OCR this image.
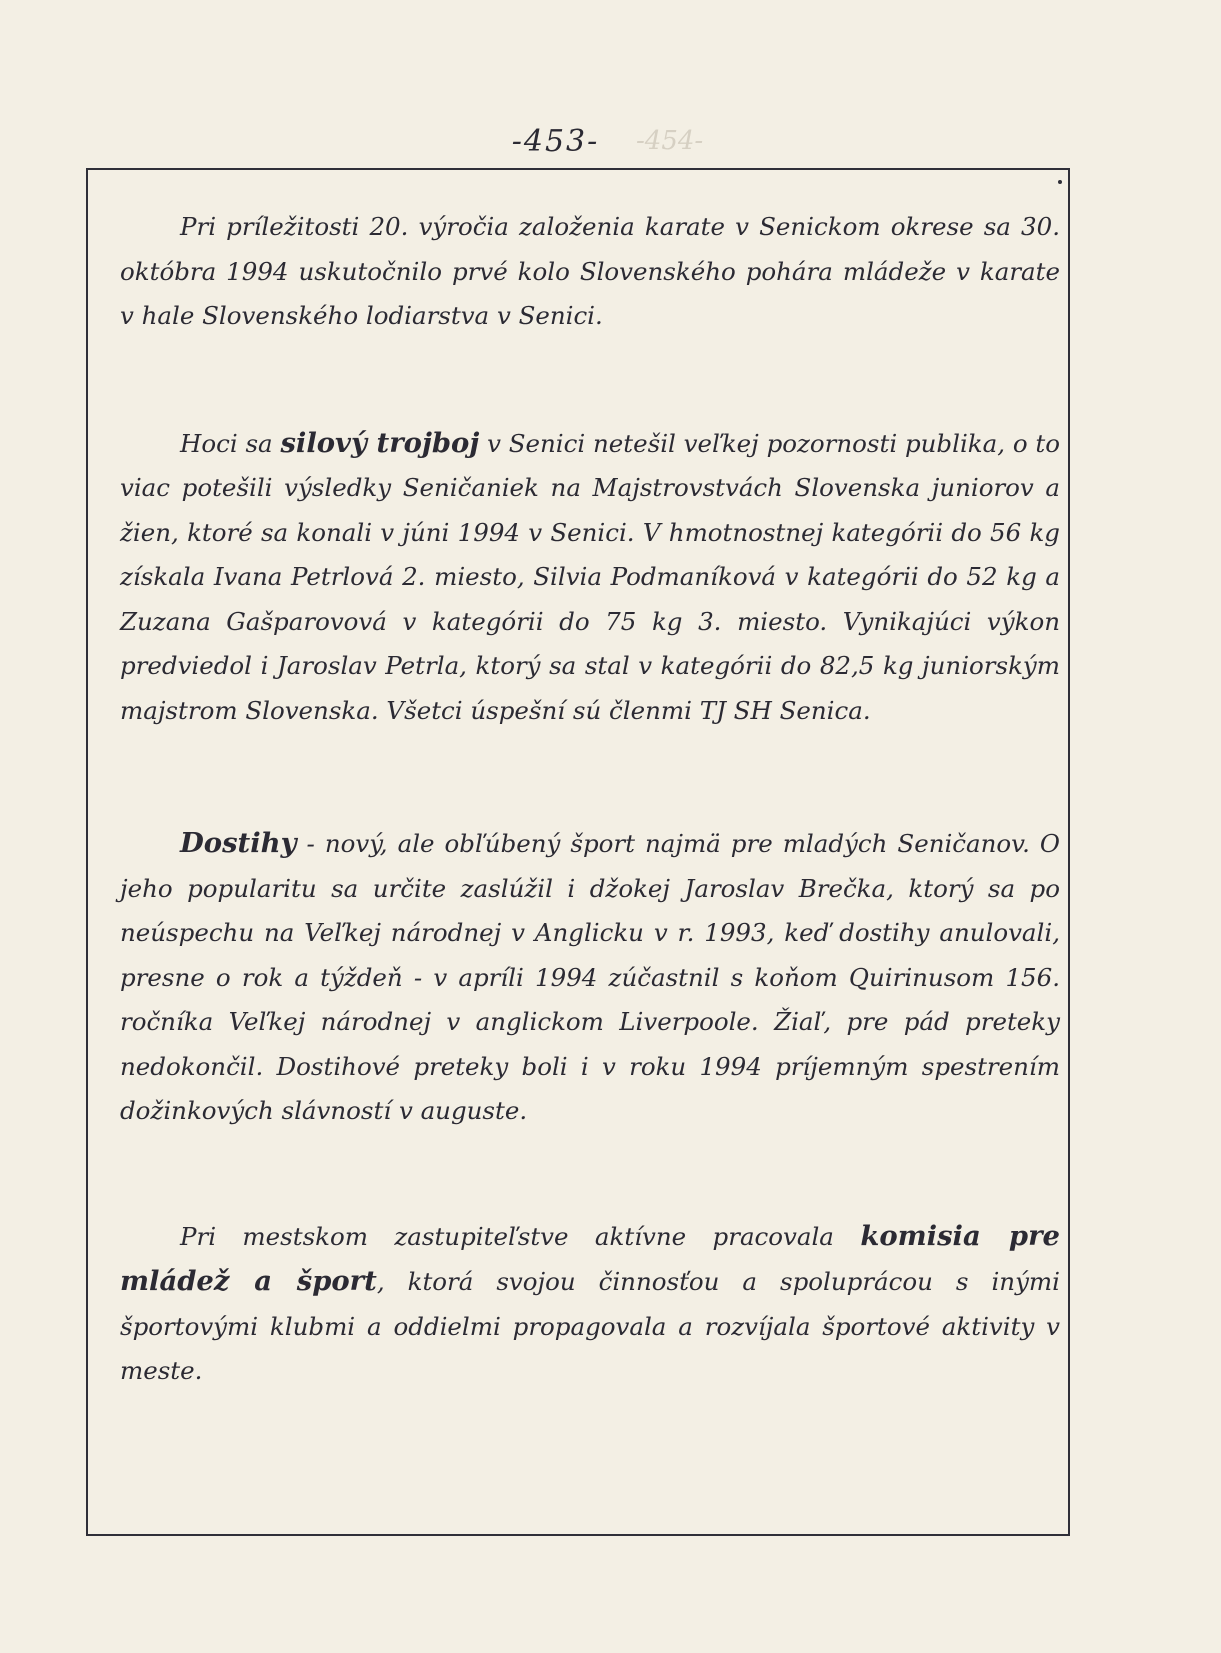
-453-	-454-

Pri príležitosti 20. výročia založenia karate v Senickom okrese sa 30. októbra 1994 uskutočnilo prvé kolo Slovenského pohára mládeže v karate v hale Slovenského lodiarstva v Senici.

Hoci sa silový trojboj v Senici netešil veľkej pozornosti publika, o to viac potešili výsledky Seničaniek na Majstrovstvách Slovenska juniorov a žien, ktoré sa konali v júni 1994 v Senici. V hmotnostnej kategórii do 56 kg získala Ivana Petrlová 2. miesto, Silvia Podmaníková v kategórii do 52 kg a Zuzana Gašparovová v kategórii do 75 kg 3. miesto. Vynikajúci výkon predviedol i Jaroslav Petrla, ktorý sa stal v kategórii do 82,5 kg juniorským majstrom Slovenska. Všetci úspešní sú členmi TJ SH Senica.

Dostihy - nový, ale obľúbený šport najmä pre mladých Seničanov. O jeho popularitu sa určite zaslúžil i džokej Jaroslav Brečka, ktorý sa po neúspechu na Veľkej národnej v Anglicku v r. 1993, keď dostihy anulovali, presne o rok a týždeň - v apríli 1994 zúčastnil s koňom Quirinusom 156. ročníka Veľkej národnej v anglickom Liverpoole. Žiaľ, pre pád preteky nedokončil. Dostihové preteky boli i v roku 1994 príjemným spestrením dožinkových slávností v auguste.

Pri mestskom zastupiteľstve aktívne pracovala komisia pre mládež a šport, ktorá svojou činnosťou a spoluprácou s inými športovými klubmi a oddielmi propagovala a rozvíjala športové aktivity v meste.
